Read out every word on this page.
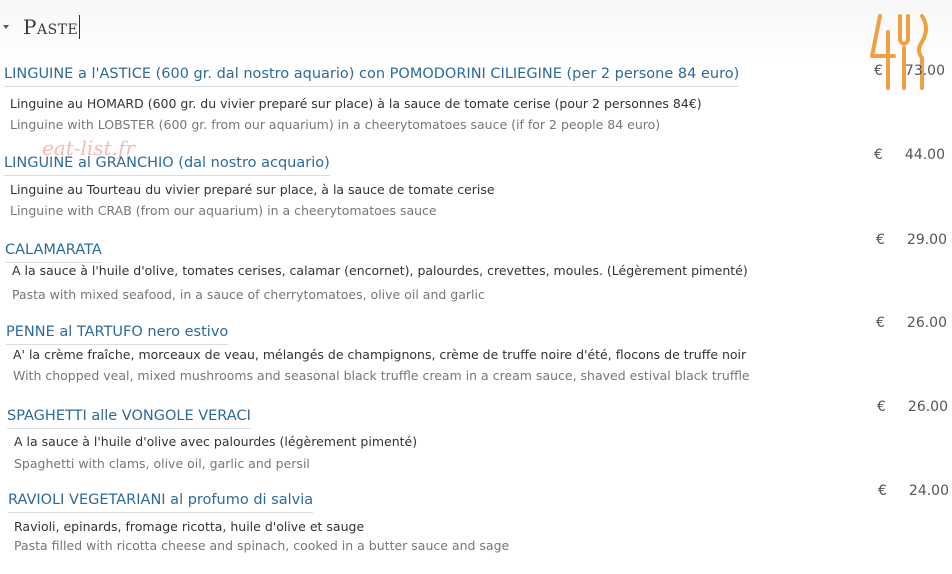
Paste
eat-list.fr
LINGUINE a l'ASTICE (600 gr. dal nostro aquario) con POMODORINI CILIEGINE (per 2 persone 84 euro)	€ 73.00
Linguine au HOMARD (600 gr. du vivier preparé sur place) à la sauce de tomate cerise (pour 2 personnes 84€)
Linguine with LOBSTER (600 gr. from our aquarium) in a cheerytomatoes sauce (if for 2 people 84 euro)
LINGUINE al GRANCHIO (dal nostro acquario)	€ 44.00
Linguine au Tourteau du vivier preparé sur place, à la sauce de tomate cerise
Linguine with CRAB (from our aquarium) in a cheerytomatoes sauce
CALAMARATA
€ 29.00
A la sauce à l'huile d'olive, tomates cerises, calamar (encornet), palourdes, crevettes, moules. (Légèrement pimenté)
Pasta with mixed seafood, in a sauce of cherrytomatoes, olive oil and garlic
PENNE al TARTUFO nero estivo
€ 26.00
A' la crème fraîche, morceaux de veau, mélangés de champignons, crème de truffe noire d'été, flocons de truffe noir
With chopped veal, mixed mushrooms and seasonal black truffle cream in a cream sauce, shaved estival black truffle
SPAGHETTI alle VONGOLE VERACI
€ 26.00
A la sauce à l'huile d'olive avec palourdes (légèrement pimenté)
Spaghetti with clams, olive oil, garlic and persil
RAVIOLI VEGETARIANI al profumo di salvia
€ 24.00
Ravioli, epinards, fromage ricotta, huile d'olive et sauge
Pasta filled with ricotta cheese and spinach, cooked in a butter sauce and sage
